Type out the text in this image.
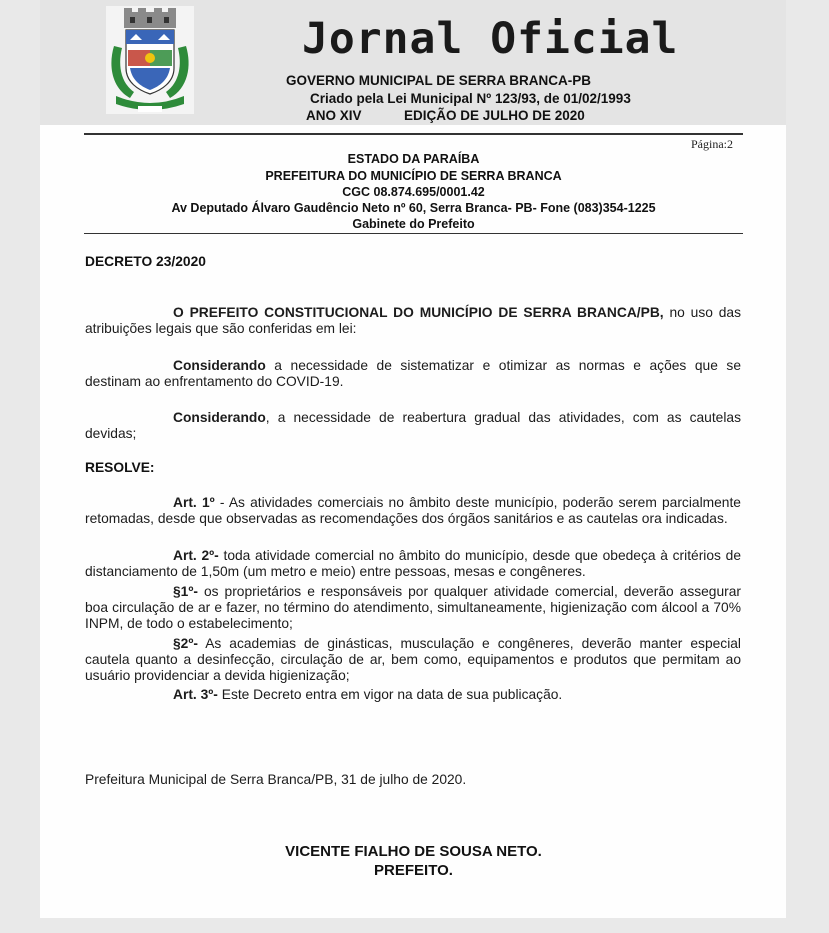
Jornal Oficial
GOVERNO MUNICIPAL DE SERRA BRANCA-PB
Criado pela Lei Municipal Nº 123/93, de 01/02/1993
ANO XIV	EDIÇÃO DE JULHO DE 2020
Página:2
ESTADO DA PARAÍBA
PREFEITURA DO MUNICÍPIO DE SERRA BRANCA
CGC 08.874.695/0001.42
Av Deputado Álvaro Gaudêncio Neto nº 60, Serra Branca- PB- Fone (083)354-1225
Gabinete do Prefeito
DECRETO 23/2020

O PREFEITO CONSTITUCIONAL DO MUNICÍPIO DE SERRA BRANCA/PB, no uso das atribuições legais que são conferidas em lei:

Considerando a necessidade de sistematizar e otimizar as normas e ações que se destinam ao enfrentamento do COVID-19.

Considerando, a necessidade de reabertura gradual das atividades, com as cautelas devidas;

RESOLVE:

Art. 1º - As atividades comerciais no âmbito deste município, poderão serem parcialmente retomadas, desde que observadas as recomendações dos órgãos sanitários e as cautelas ora indicadas.

Art. 2º- toda atividade comercial no âmbito do município, desde que obedeça à critérios de distanciamento de 1,50m (um metro e meio) entre pessoas, mesas e congêneres.

§1º- os proprietários e responsáveis por qualquer atividade comercial, deverão assegurar boa circulação de ar e fazer, no término do atendimento, simultaneamente, higienização com álcool a 70% INPM, de todo o estabelecimento;

§2º- As academias de ginásticas, musculação e congêneres, deverão manter especial cautela quanto a desinfecção, circulação de ar, bem como, equipamentos e produtos que permitam ao usuário providenciar a devida higienização;

Art. 3º- Este Decreto entra em vigor na data de sua publicação.

Prefeitura Municipal de Serra Branca/PB, 31 de julho de 2020.

VICENTE FIALHO DE SOUSA NETO.
PREFEITO.
